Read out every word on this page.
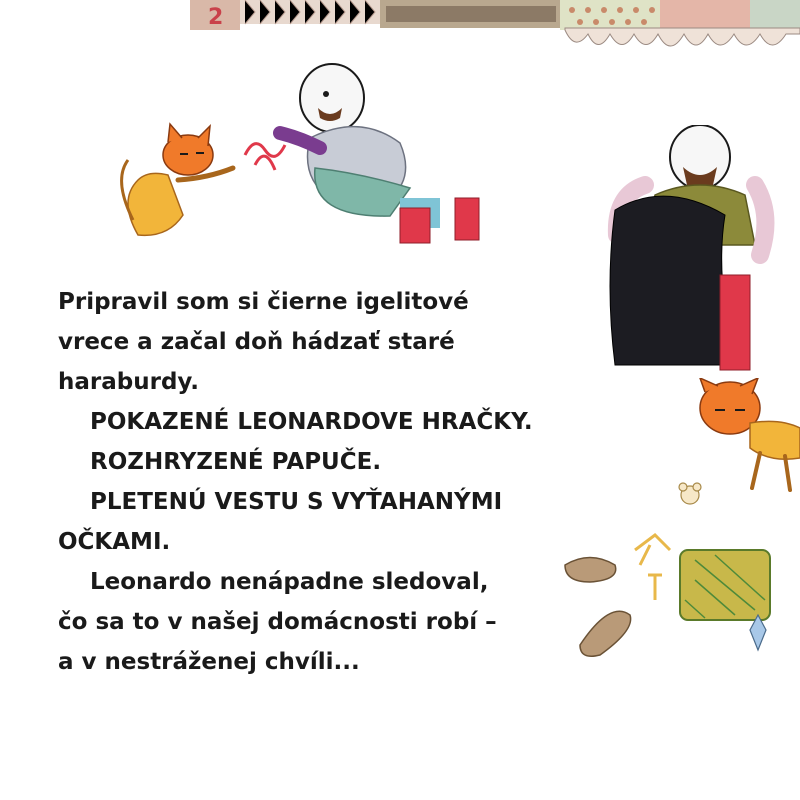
2

Pripravil som si čierne igelitové

vrece a začal doň hádzať staré

haraburdy.

POKAZENÉ LEONARDOVE HRAČKY.

ROZHRYZENÉ PAPUČE.

PLETENÚ VESTU S VYŤAHANÝMI

OČKAMI.

Leonardo nenápadne sledoval,

čo sa to v našej domácnosti robí –

a v nestráženej chvíli...
